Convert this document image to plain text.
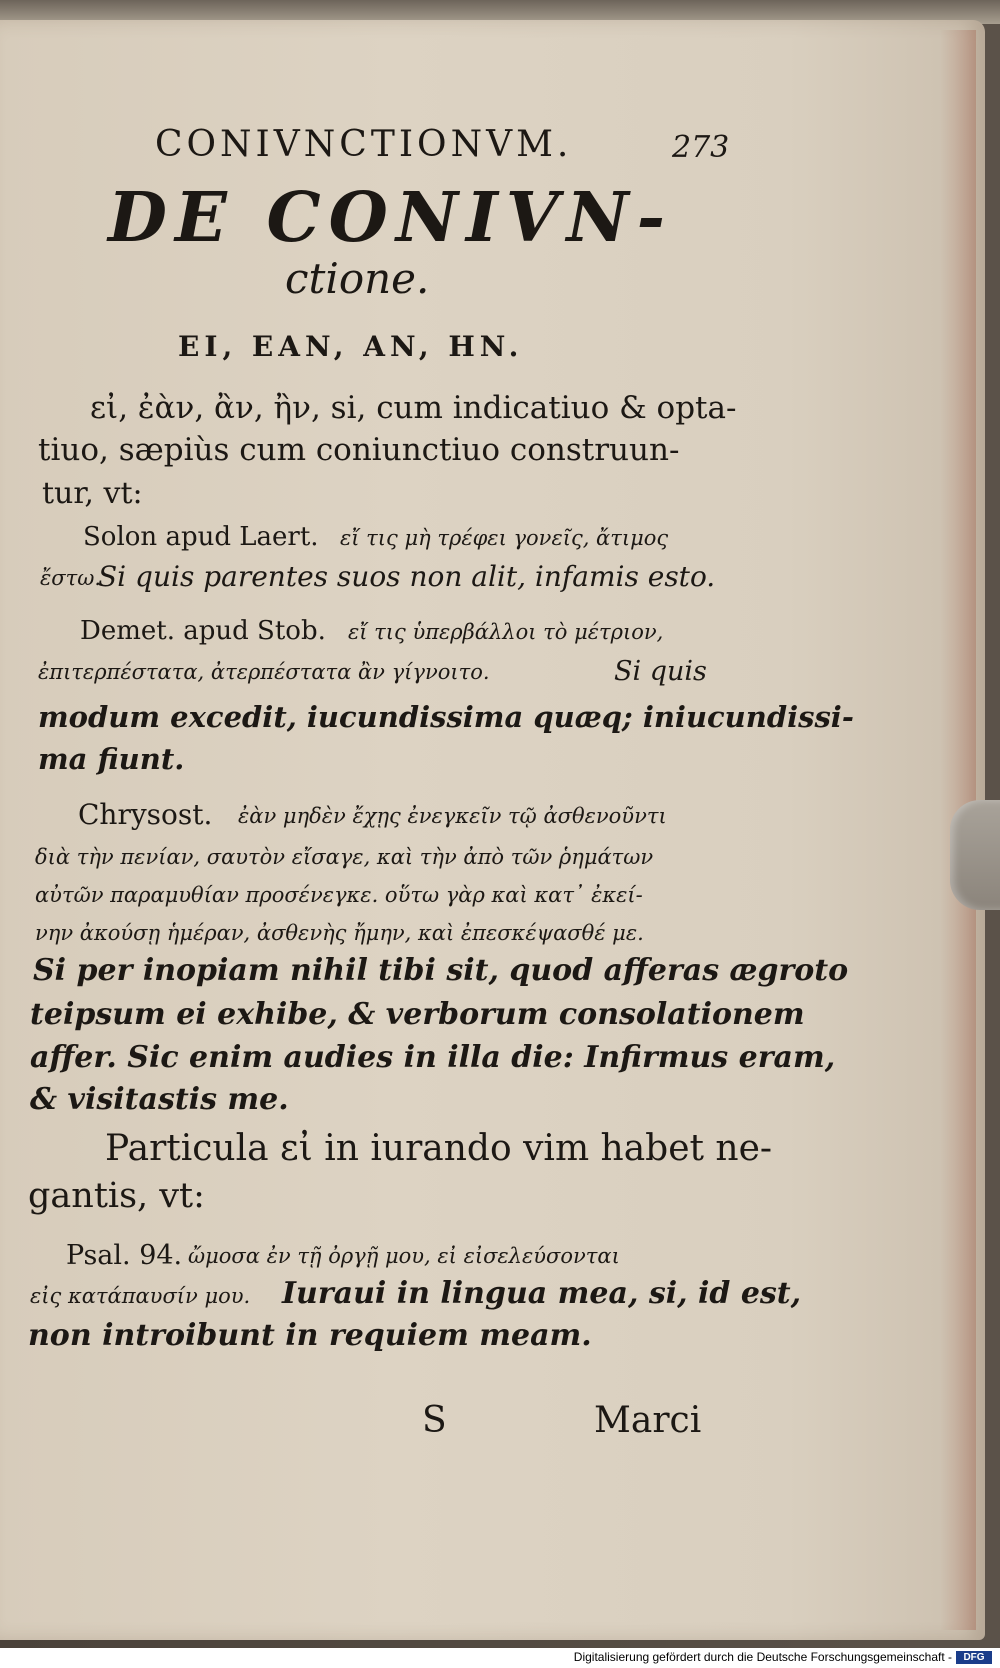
CONIVNCTIONVM.	273
DE CONIVN-
ctione.
EI, EAN, AN, HN.
εἰ, ἐὰν, ἂν, ἢν, si, cum indicatiuo & opta-
tiuo, sæpiùs cum coniunctiuo construun-
tur, vt:
Solon apud Laert. εἴ τις μὴ τρέφει γονεῖς, ἄτιμος
ἔστω.
Si quis parentes suos non alit, infamis esto.
Demet. apud Stob. εἴ τις ὑπερβάλλοι τὸ μέτριον,
ἐπιτερπέστατα, ἀτερπέστατα ἂν γίγνοιτο.	Si quis
modum excedit, iucundissima quæq; iniucundissi-
ma fiunt.
Chrysost. ἐὰν μηδὲν ἔχῃς ἐνεγκεῖν τῷ ἀσθενοῦντι
διὰ τὴν πενίαν, σαυτὸν εἴσαγε, καὶ τὴν ἀπὸ τῶν ῥημάτων
αὐτῶν παραμυθίαν προσένεγκε. οὕτω γὰρ καὶ κατ᾽ ἐκεί-
νην ἀκούσῃ ἡμέραν, ἀσθενὴς ἤμην, καὶ ἐπεσκέψασθέ με.
Si per inopiam nihil tibi sit, quod afferas ægroto
teipsum ei exhibe, & verborum consolationem
affer. Sic enim audies in illa die: Infirmus eram,
& visitastis me.
Particula εἰ in iurando vim habet ne-
gantis, vt:
Psal. 94. ὤμοσα ἐν τῇ ὀργῇ μου, εἰ εἰσελεύσονται
εἰς κατάπαυσίν μου. Iuraui in lingua mea, si, id est,
non introibunt in requiem meam.
S	Marci
Digitalisierung gefördert durch die Deutsche Forschungsgemeinschaft -	DFG
